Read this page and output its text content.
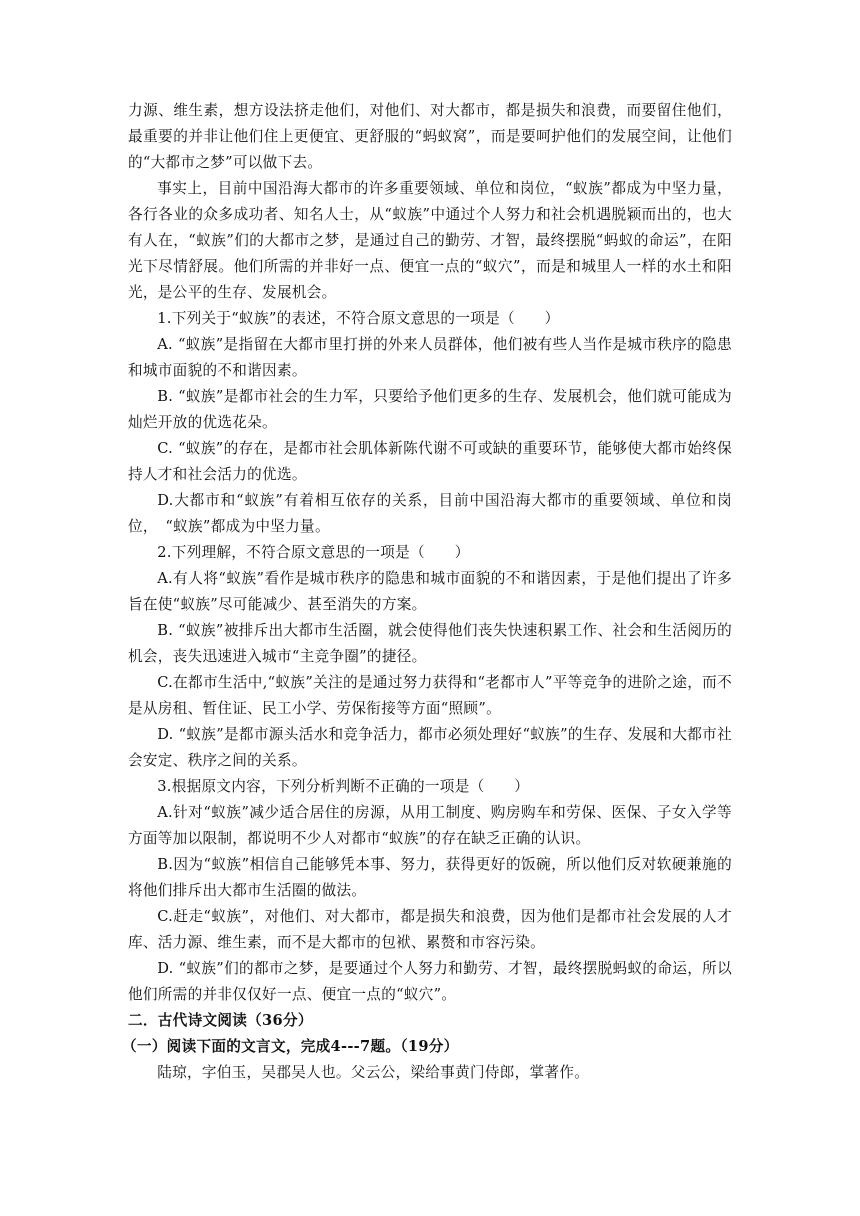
力源、维生素，想方设法挤走他们，对他们、对大都市，都是损失和浪费，而要留住他们，最重要的并非让他们住上更便宜、更舒服的“蚂蚁窝”，而是要呵护他们的发展空间，让他们的“大都市之梦”可以做下去。

事实上，目前中国沿海大都市的许多重要领域、单位和岗位，“蚁族”都成为中坚力量，各行各业的众多成功者、知名人士，从“蚁族”中通过个人努力和社会机遇脱颖而出的，也大有人在，“蚁族”们的大都市之梦，是通过自己的勤劳、才智，最终摆脱“蚂蚁的命运”，在阳光下尽情舒展。他们所需的并非好一点、便宜一点的“蚁穴”，而是和城里人一样的水土和阳光，是公平的生存、发展机会。

1.下列关于“蚁族”的表述，不符合原文意思的一项是（　　）

A. “蚁族”是指留在大都市里打拼的外来人员群体，他们被有些人当作是城市秩序的隐患和城市面貌的不和谐因素。

B. “蚁族”是都市社会的生力军，只要给予他们更多的生存、发展机会，他们就可能成为灿烂开放的优选花朵。

C. “蚁族”的存在，是都市社会肌体新陈代谢不可或缺的重要环节，能够使大都市始终保持人才和社会活力的优选。

D.大都市和“蚁族”有着相互依存的关系，目前中国沿海大都市的重要领域、单位和岗位，　“蚁族”都成为中坚力量。

2.下列理解，不符合原文意思的一项是（　　）

A.有人将“蚁族”看作是城市秩序的隐患和城市面貌的不和谐因素，于是他们提出了许多旨在使“蚁族”尽可能减少、甚至消失的方案。

B. “蚁族”被排斥出大都市生活圈，就会使得他们丧失快速积累工作、社会和生活阅历的机会，丧失迅速进入城市“主竞争圈”的捷径。

C.在都市生活中,“蚁族”关注的是通过努力获得和“老都市人”平等竞争的进阶之途，而不是从房租、暂住证、民工小学、劳保衔接等方面“照顾”。

D. “蚁族”是都市源头活水和竞争活力，都市必须处理好“蚁族”的生存、发展和大都市社会安定、秩序之间的关系。

3.根据原文内容，下列分析判断不正确的一项是（　　）

A.针对“蚁族”减少适合居住的房源，从用工制度、购房购车和劳保、医保、子女入学等方面等加以限制，都说明不少人对都市“蚁族”的存在缺乏正确的认识。

B.因为“蚁族”相信自己能够凭本事、努力，获得更好的饭碗，所以他们反对软硬兼施的将他们排斥出大都市生活圈的做法。

C.赶走“蚁族”，对他们、对大都市，都是损失和浪费，因为他们是都市社会发展的人才库、活力源、维生素，而不是大都市的包袱、累赘和市容污染。

D. “蚁族”们的都市之梦，是要通过个人努力和勤劳、才智，最终摆脱蚂蚁的命运，所以他们所需的并非仅仅好一点、便宜一点的“蚁穴”。

二．古代诗文阅读（36分）

（一）阅读下面的文言文，完成4---7题。（19分）

陆琼，字伯玉，吴郡吴人也。父云公，梁给事黄门侍郎，掌著作。
